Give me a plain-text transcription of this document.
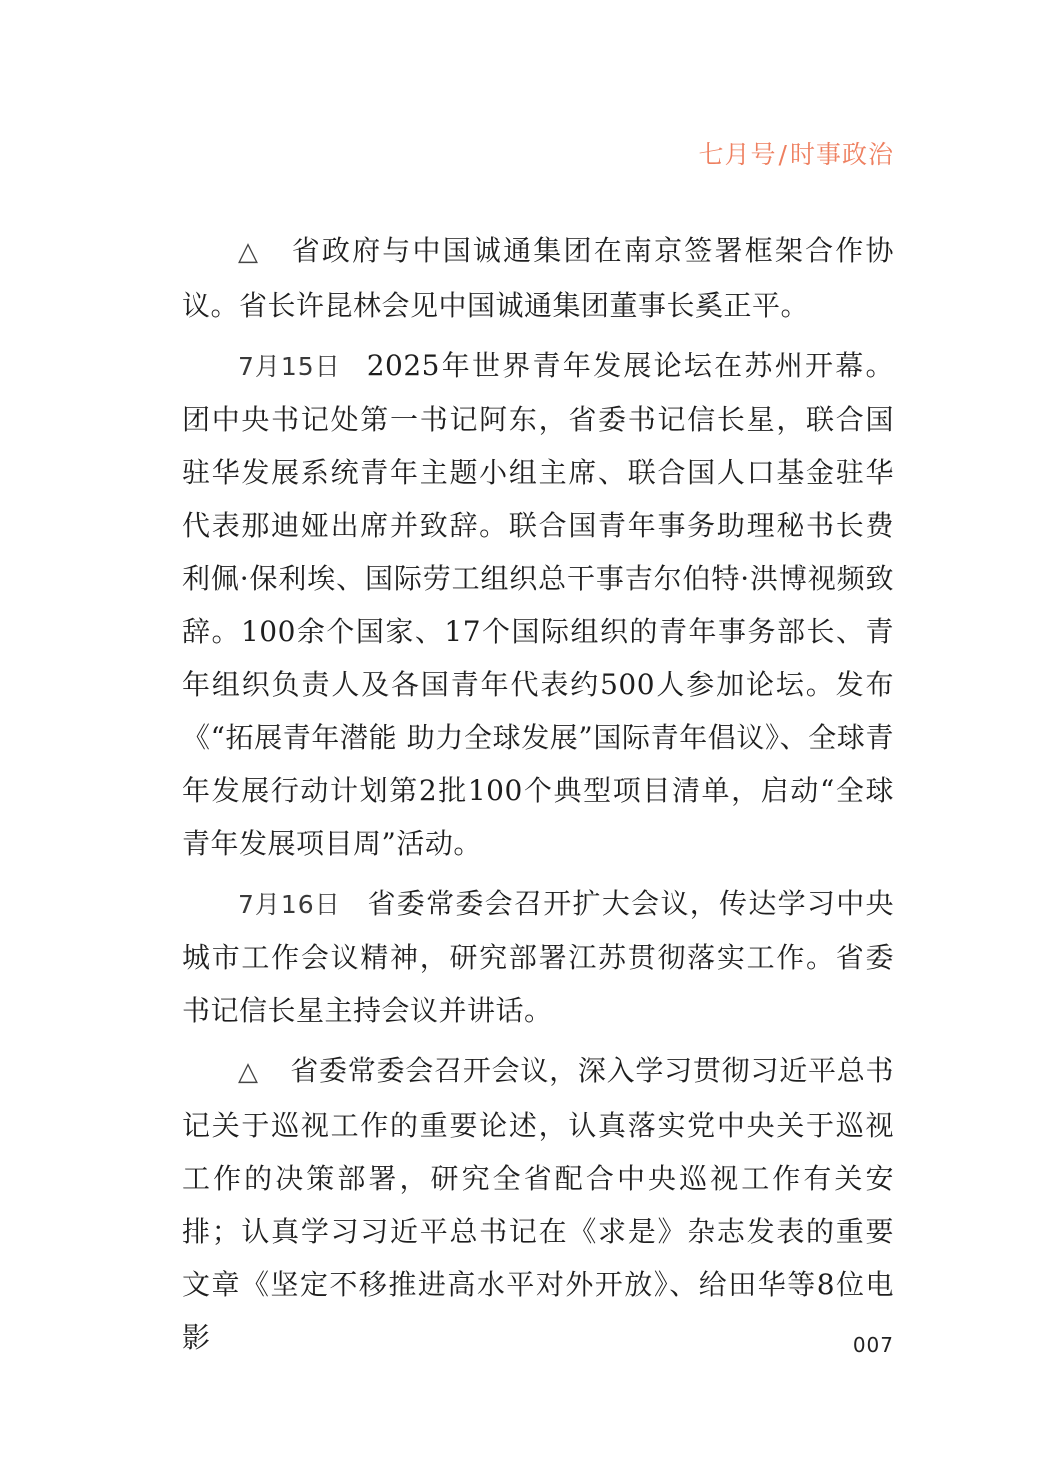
七月号/时事政治

△ 省政府与中国诚通集团在南京签署框架合作协议。省长许昆林会见中国诚通集团董事长奚正平。

7月15日 2025年世界青年发展论坛在苏州开幕。团中央书记处第一书记阿东，省委书记信长星，联合国驻华发展系统青年主题小组主席、联合国人口基金驻华代表那迪娅出席并致辞。联合国青年事务助理秘书长费利佩·保利埃、国际劳工组织总干事吉尔伯特·洪博视频致辞。100余个国家、17个国际组织的青年事务部长、青年组织负责人及各国青年代表约500人参加论坛。发布《“拓展青年潜能 助力全球发展”国际青年倡议》、全球青年发展行动计划第2批100个典型项目清单，启动“全球青年发展项目周”活动。

7月16日 省委常委会召开扩大会议，传达学习中央城市工作会议精神，研究部署江苏贯彻落实工作。省委书记信长星主持会议并讲话。

△ 省委常委会召开会议，深入学习贯彻习近平总书记关于巡视工作的重要论述，认真落实党中央关于巡视工作的决策部署，研究全省配合中央巡视工作有关安排；认真学习习近平总书记在《求是》杂志发表的重要文章《坚定不移推进高水平对外开放》、给田华等8位电影	007
